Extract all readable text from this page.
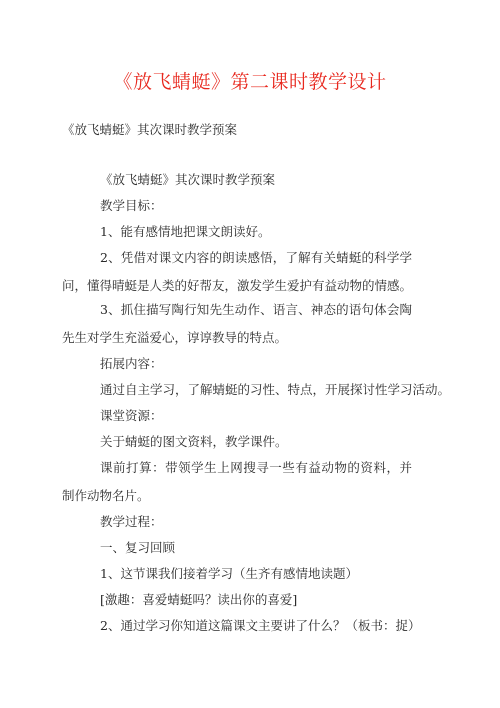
《放飞蜻蜓》第二课时教学设计
《放飞蜻蜓》其次课时教学预案
《放飞蜻蜓》其次课时教学预案
教学目标：
1、能有感情地把课文朗读好。
2、凭借对课文内容的朗读感悟，了解有关蜻蜓的科学学问，懂得晴蜓是人类的好帮友，激发学生爱护有益动物的情感。
3、抓住描写陶行知先生动作、语言、神态的语句体会陶先生对学生充溢爱心，谆谆教导的特点。
拓展内容：
通过自主学习，了解蜻蜓的习性、特点，开展探讨性学习活动。
课堂资源：
关于蜻蜓的图文资料，教学课件。
课前打算：带领学生上网搜寻一些有益动物的资料，并制作动物名片。
教学过程：
一、复习回顾
1、这节课我们接着学习（生齐有感情地读题）
[激趣：喜爱蜻蜓吗？读出你的喜爱]
2、通过学习你知道这篇课文主要讲了什么？（板书：捉）
